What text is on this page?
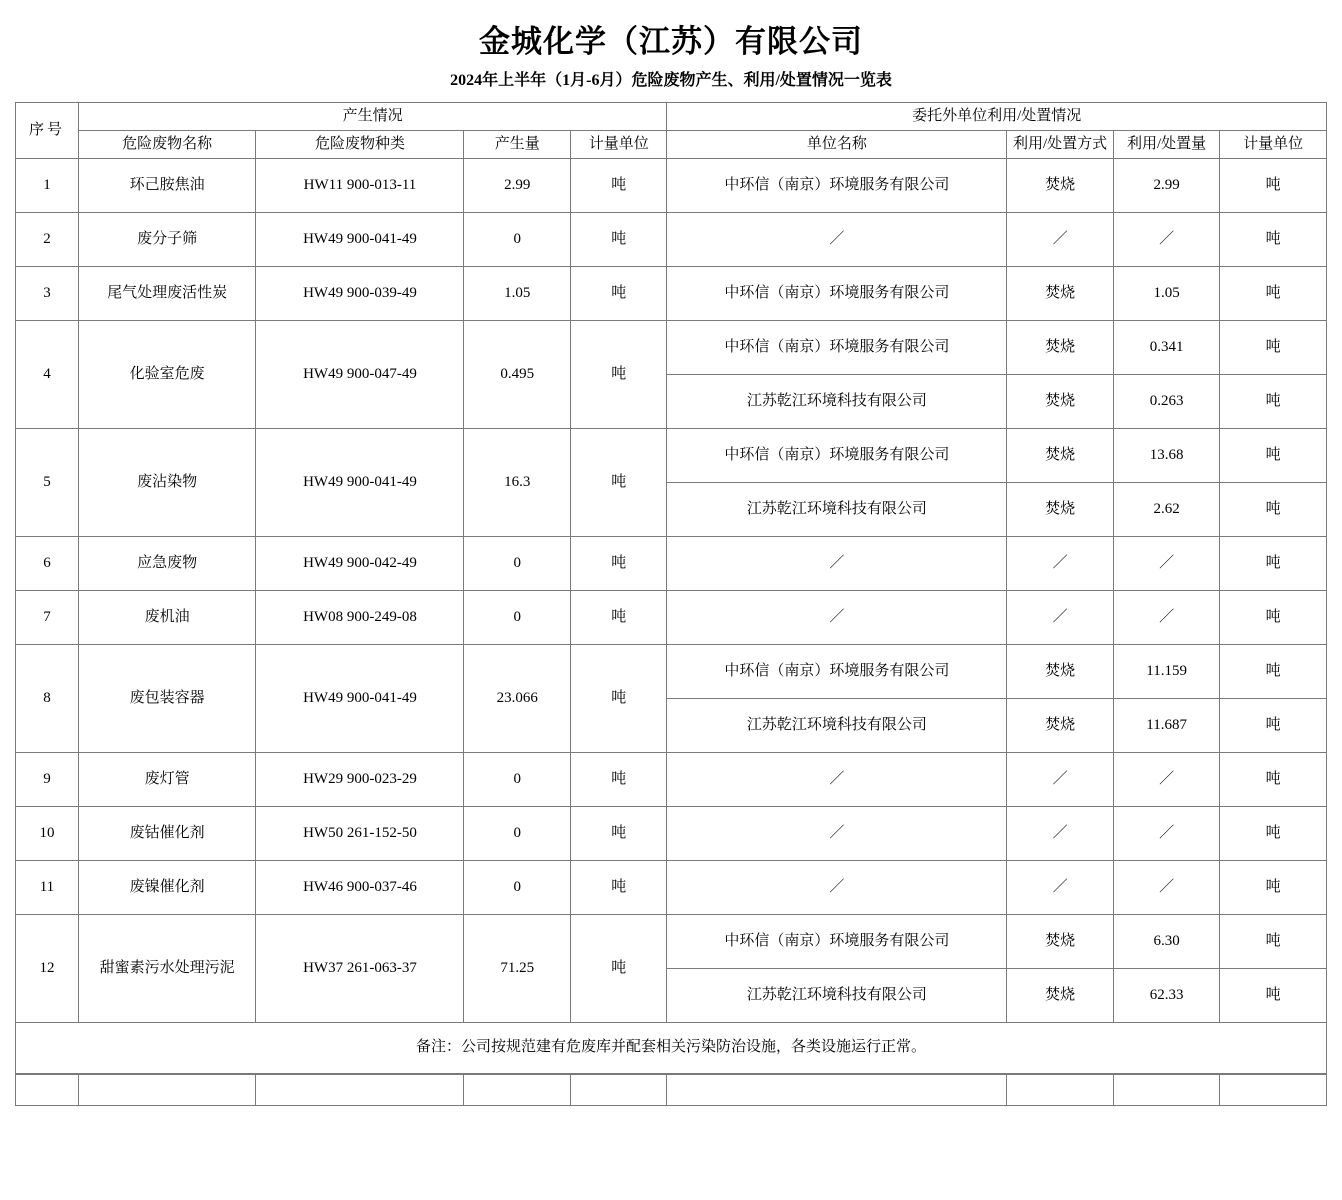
金城化学（江苏）有限公司
2024年上半年（1月-6月）危险废物产生、利用/处置情况一览表
序号	产生情况				委托外单位利用/处置情况			
	危险废物名称	危险废物种类	产生量	计量单位	单位名称	利用/处置方式	利用/处置量	计量单位
1	环己胺焦油	HW11 900-013-11	2.99	吨	中环信（南京）环境服务有限公司	焚烧	2.99	吨
2	废分子筛	HW49 900-041-49	0	吨	／	／	／	吨
3	尾气处理废活性炭	HW49 900-039-49	1.05	吨	中环信（南京）环境服务有限公司	焚烧	1.05	吨
4	化验室危废	HW49 900-047-49	0.495	吨	中环信（南京）环境服务有限公司	焚烧	0.341	吨
					江苏乾江环境科技有限公司	焚烧	0.263	吨
5	废沾染物	HW49 900-041-49	16.3	吨	中环信（南京）环境服务有限公司	焚烧	13.68	吨
					江苏乾江环境科技有限公司	焚烧	2.62	吨
6	应急废物	HW49 900-042-49	0	吨	／	／	／	吨
7	废机油	HW08 900-249-08	0	吨	／	／	／	吨
8	废包装容器	HW49 900-041-49	23.066	吨	中环信（南京）环境服务有限公司	焚烧	11.159	吨
					江苏乾江环境科技有限公司	焚烧	11.687	吨
9	废灯管	HW29 900-023-29	0	吨	／	／	／	吨
10	废钴催化剂	HW50 261-152-50	0	吨	／	／	／	吨
11	废镍催化剂	HW46 900-037-46	0	吨	／	／	／	吨
12	甜蜜素污水处理污泥	HW37 261-063-37	71.25	吨	中环信（南京）环境服务有限公司	焚烧	6.30	吨
					江苏乾江环境科技有限公司	焚烧	62.33	吨
备注：公司按规范建有危废库并配套相关污染防治设施，各类设施运行正常。								
